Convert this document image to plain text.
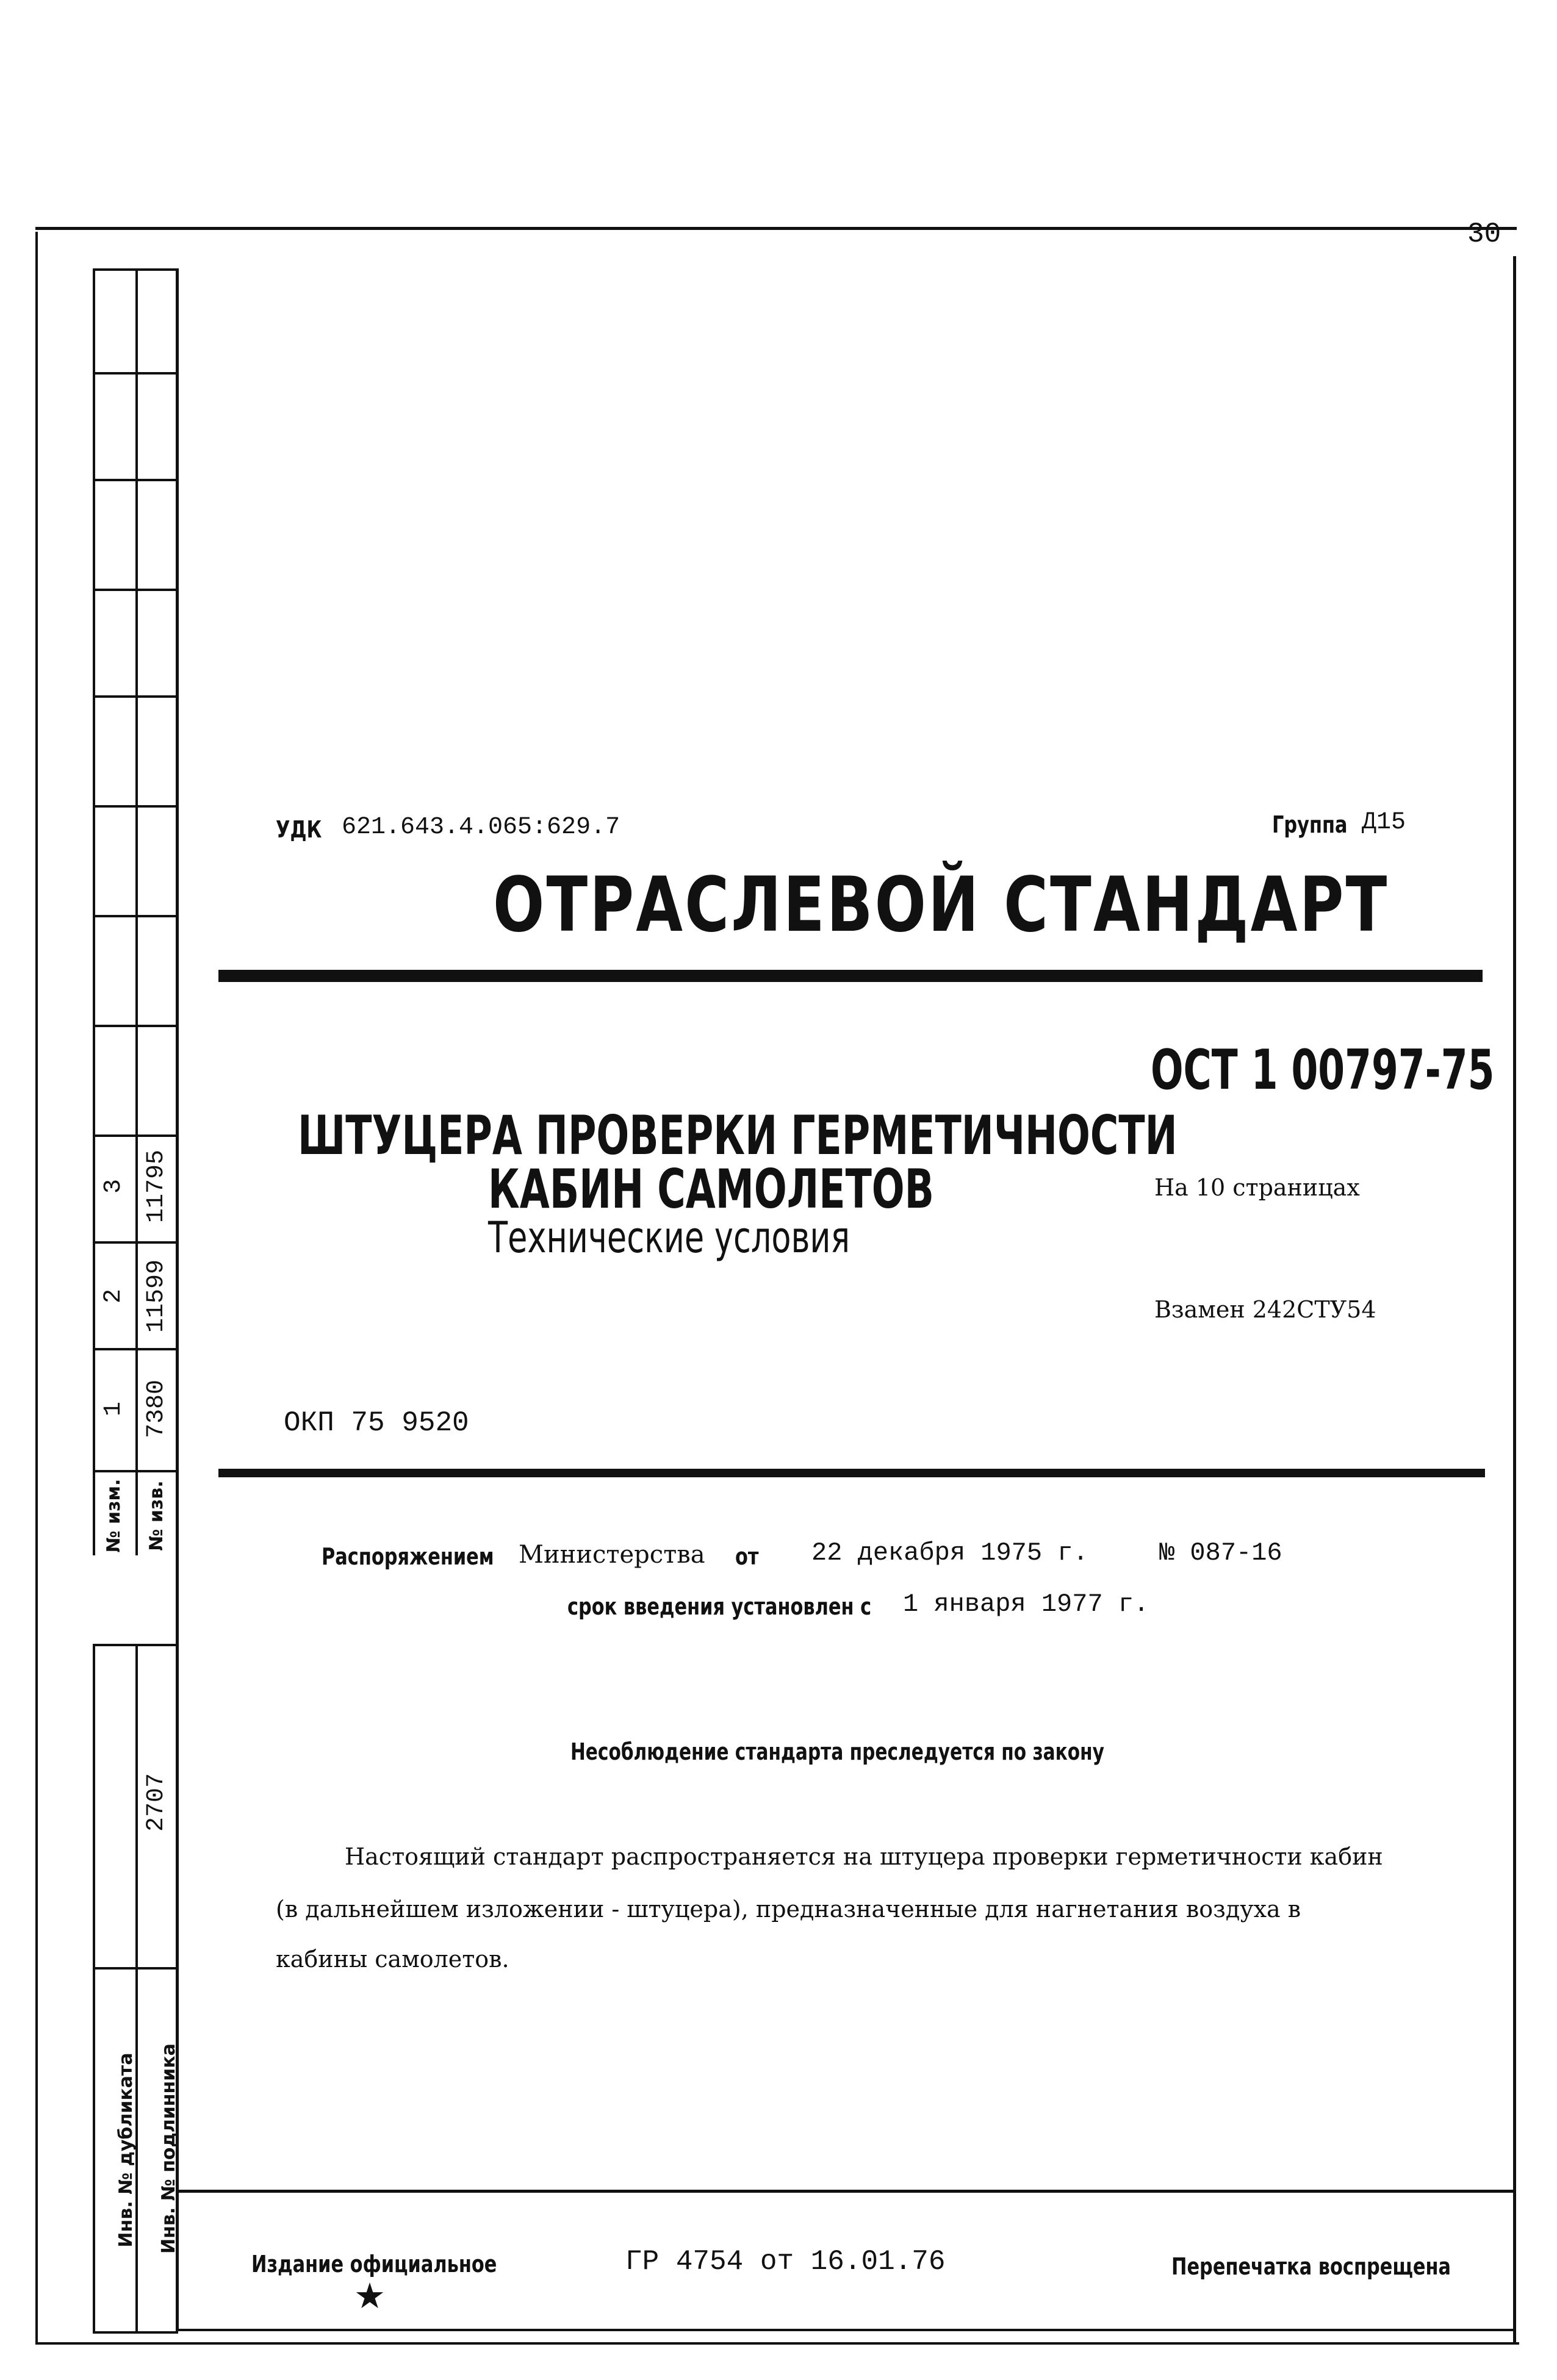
30
3 11795
2 11599
1 7380
№ изм. № изв.
2707
Инв. № дубликата Инв. № подлинника
УДК 621.643.4.065:629.7	Группа Д15
ОТРАСЛЕВОЙ СТАНДАРТ
ОСТ 1 00797-75
ШТУЦЕРА ПРОВЕРКИ ГЕРМЕТИЧНОСТИ
КАБИН САМОЛЕТОВ
Технические условия
На 10 страницах
Взамен 242СТУ54
ОКП 75 9520
Распоряжением Министерства от 22 декабря 1975 г.	№ 087-16
срок введения установлен с 1 января 1977 г.
Несоблюдение стандарта преследуется по закону
Настоящий стандарт распространяется на штуцера проверки герметичности кабин
(в дальнейшем изложении - штуцера), предназначенные для нагнетания воздуха в
кабины самолетов.
Издание официальное
★
ГР 4754 от 16.01.76	Перепечатка воспрещена
